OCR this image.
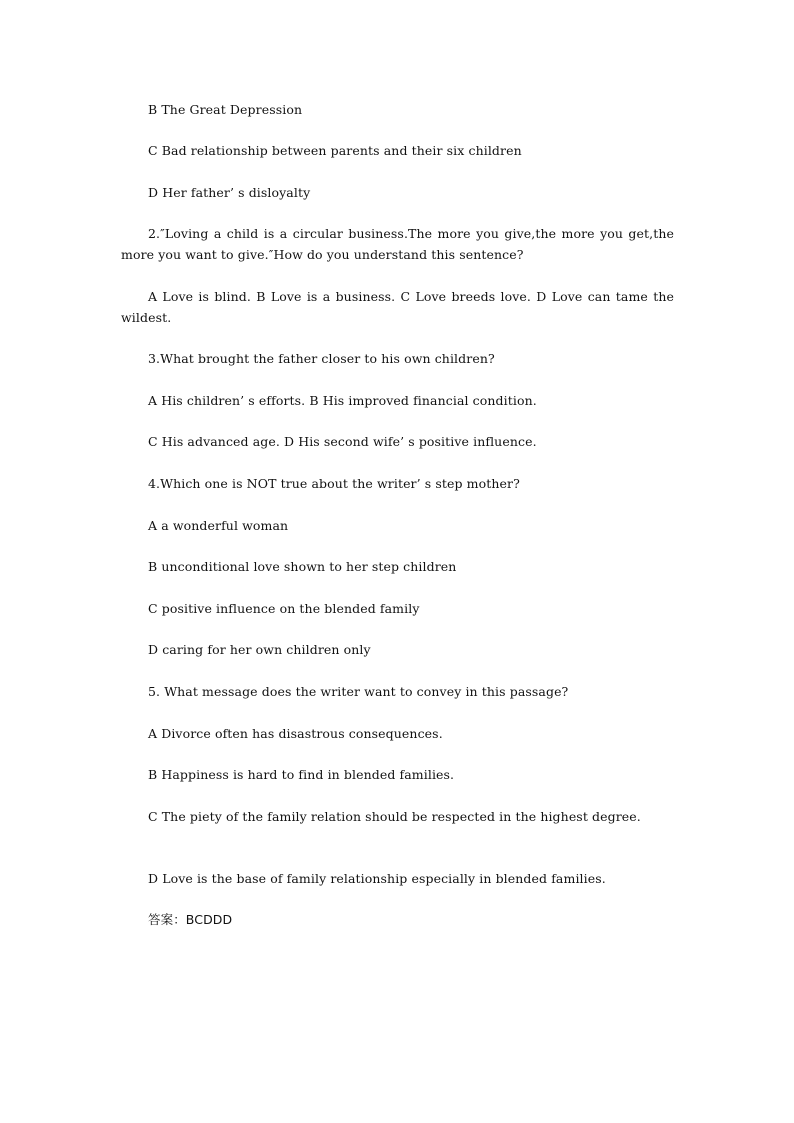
B The Great Depression

C Bad relationship between parents and their six children

D Her father’ s disloyalty

2.″Loving a child is a circular business.The more you give,the more you get,the more you want to give.″How do you understand this sentence?

A Love is blind. B Love is a business. C Love breeds love. D Love can tame the wildest.

3.What brought the father closer to his own children?

A His children’ s efforts. B His improved financial condition.

C His advanced age. D His second wife’ s positive influence.

4.Which one is NOT true about the writer’ s step mother?

A a wonderful woman

B unconditional love shown to her step children

C positive influence on the blended family

D caring for her own children only

5. What message does the writer want to convey in this passage?

A Divorce often has disastrous consequences.

B Happiness is hard to find in blended families.

C The piety of the family relation should be respected in the highest degree.

D Love is the base of family relationship especially in blended families.

答案：BCDDD
